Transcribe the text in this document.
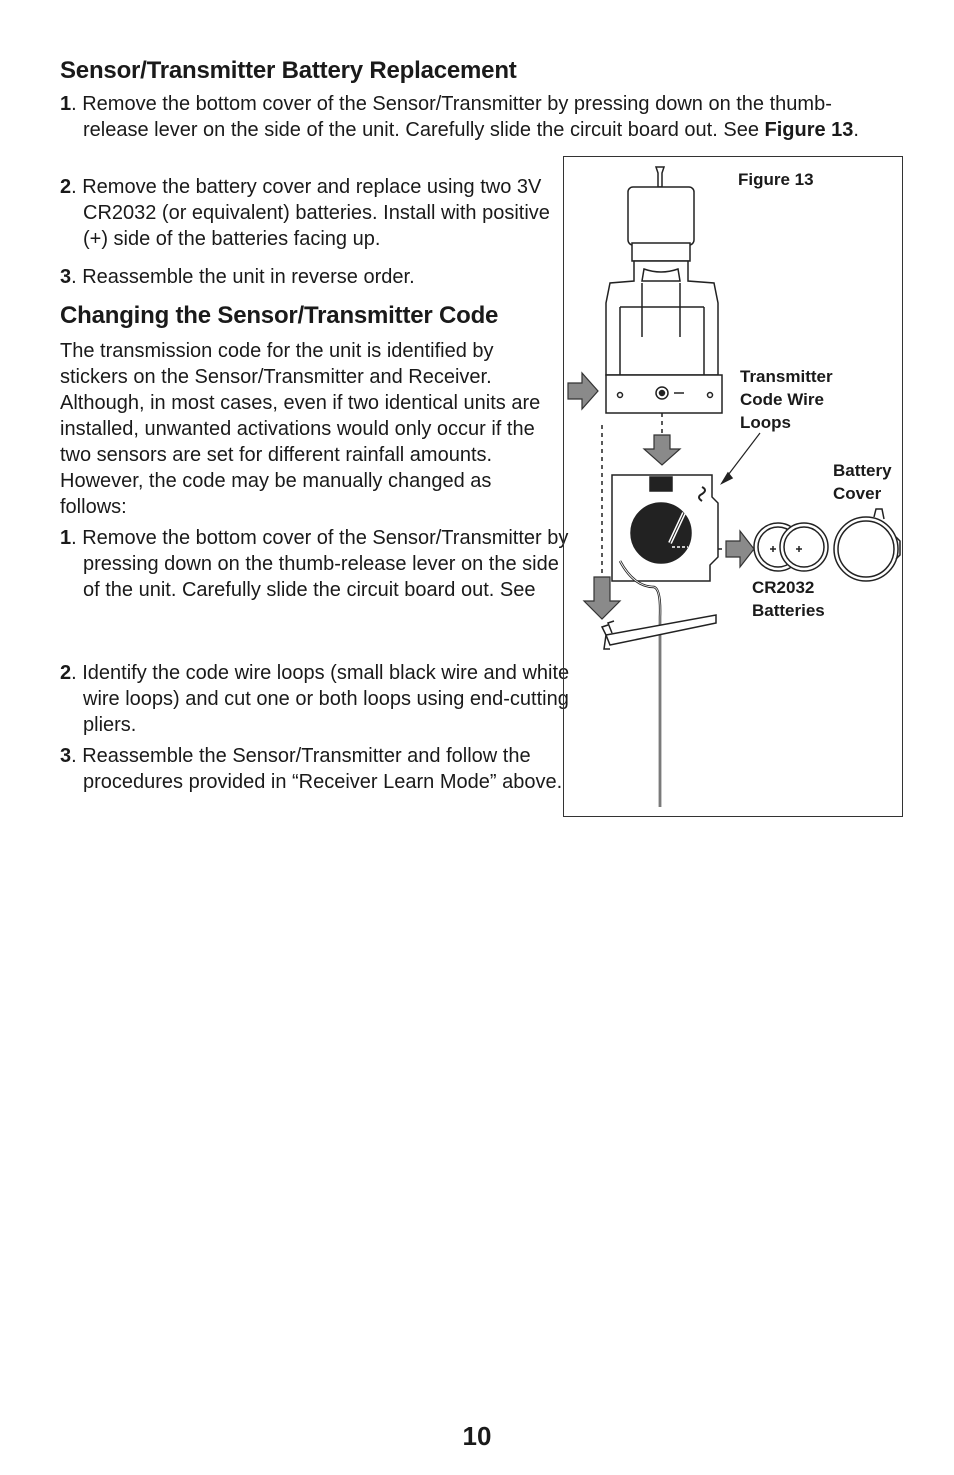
Sensor/Transmitter Battery Replacement
1. Remove the bottom cover of the Sensor/Transmitter by pressing down on the thumb-release lever on the side of the unit. Carefully slide the circuit board out. See Figure 13.
2. Remove the battery cover and replace using two 3V CR2032 (or equivalent) batteries. Install with positive (+) side of the batteries facing up.
3. Reassemble the unit in reverse order.
Changing the Sensor/Transmitter Code
The transmission code for the unit is identified by stickers on the Sensor/Transmitter and Receiver. Although, in most cases, even if two identical units are installed, unwanted activations would only occur if the two sensors are set for different rainfall amounts. However, the code may be manually changed as follows:
1. Remove the bottom cover of the Sensor/Transmitter by pressing down on the thumb-release lever on the side of the unit. Carefully slide the circuit board out. See
2. Identify the code wire loops (small black wire and white wire loops) and cut one or both loops using end-cutting pliers.
3. Reassemble the Sensor/Transmitter and follow the procedures provided in “Receiver Learn Mode” above.
Figure 13
Transmitter
Code Wire
Loops
Battery
Cover
CR2032
Batteries
10
